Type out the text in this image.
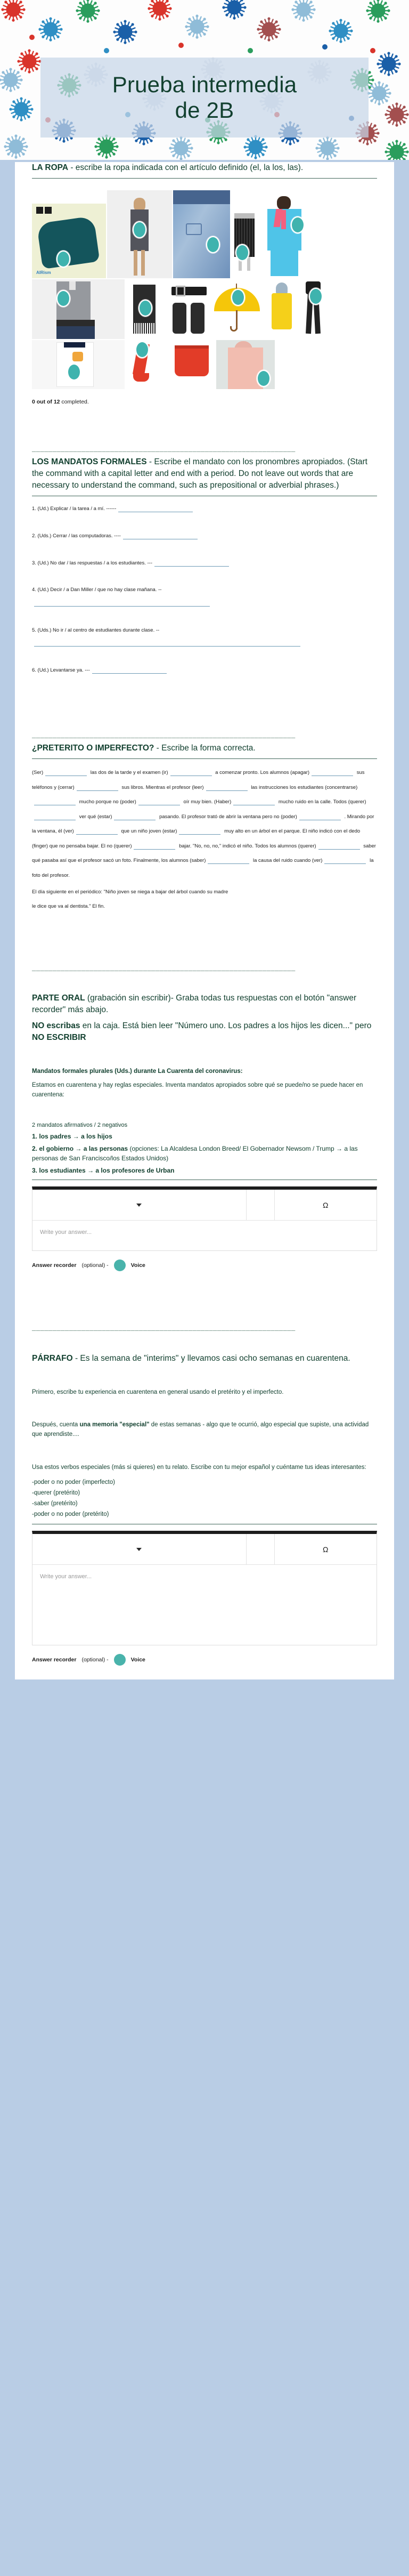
Prueba intermedia
de 2B
LA ROPA - escribe la ropa indicada con el artículo definido (el, la los, las).
AIRism
0 out of 12 completed.
________________________________________________________________
LOS MANDATOS FORMALES - Escribe el mandato con los pronombres apropiados. (Start the command with a capital letter and end with a period. Do not leave out words that are necessary to understand the command, such as prepositional or adverbial phrases.)
1. (Ud.) Explicar / la tarea / a mí. ------
2. (Uds.) Cerrar / las computadoras. ----
3. (Ud.) No dar / las respuestas / a los estudiantes. ---
4. (Ud.) Decir / a Dan Miller / que no hay clase mañana. --

5. (Uds.) No ir / al centro de estudiantes durante clase. --

6. (Ud.) Levantarse ya. ---
________________________________________________________________
¿PRETERITO O IMPERFECTO? - Escribe la forma correcta.
(Ser)	las dos de la tarde y el examen (ir)	a comenzar pronto. Los alumnos (apagar)	sus teléfonos y (cerrar)	sus libros. Mientras el profesor (leer)	las instrucciones los estudiantes (concentrarse) mucho porque no (poder)	oír muy bien. (Haber)	mucho ruido en la calle. Todos (querer) ver qué (estar)	pasando. El profesor trató de abrir la ventana pero no (poder)	. Mirando por la ventana, él (ver)	que un niño joven (estar)	muy alto en un árbol en el parque. El niño indicó con el dedo (finger) que no pensaba bajar. El no (querer)	bajar. "No, no, no," indicó el niño. Todos los alumnos (querer)	saber qué pasaba así que el profesor sacó un foto. Finalmente, los alumnos (saber)	la causa del ruido cuando (ver)	la foto del profesor.
El día siguiente en el periódico: "Niño joven se niega a bajar del árbol cuando su madre
le dice que va al dentista." El fin.
________________________________________________________________
PARTE ORAL (grabación sin escribir)- Graba todas tus respuestas con el botón "answer recorder" más abajo.
NO escribas en la caja. Está bien leer "Número uno. Los padres a los hijos les dicen..." pero NO ESCRIBIR
Mandatos formales plurales (Uds.) durante La Cuarenta del coronavirus:
Estamos en cuarentena y hay reglas especiales. Inventa mandatos apropiados sobre qué se puede/no se puede hacer en cuarentena:
2 mandatos afirmativos / 2 negativos
1. los padres → a los hijos
2. el gobierno → a las personas (opciones: La Alcaldesa London Breed/ El Gobernador Newsom / Trump → a las personas de San Francisco/los Estados Unidos)
3. los estudiantes → a los profesores de Urban
Ω
Write your answer...
Answer recorder (optional) -	Voice
________________________________________________________________
PÁRRAFO - Es la semana de "interims" y llevamos casi ocho semanas en cuarentena.
Primero, escribe tu experiencia en cuarentena en general usando el pretérito y el imperfecto.
Después, cuenta una memoria "especial" de estas semanas - algo que te ocurrió, algo especial que supiste, una actividad que aprendiste....
Usa estos verbos especiales (más si quieres) en tu relato. Escribe con tu mejor español y cuéntame tus ideas interesantes:
-poder o no poder (imperfecto)
-querer (pretérito)
-saber (pretérito)
-poder o no poder (pretérito)
Ω
Write your answer...
Answer recorder (optional) -	Voice
